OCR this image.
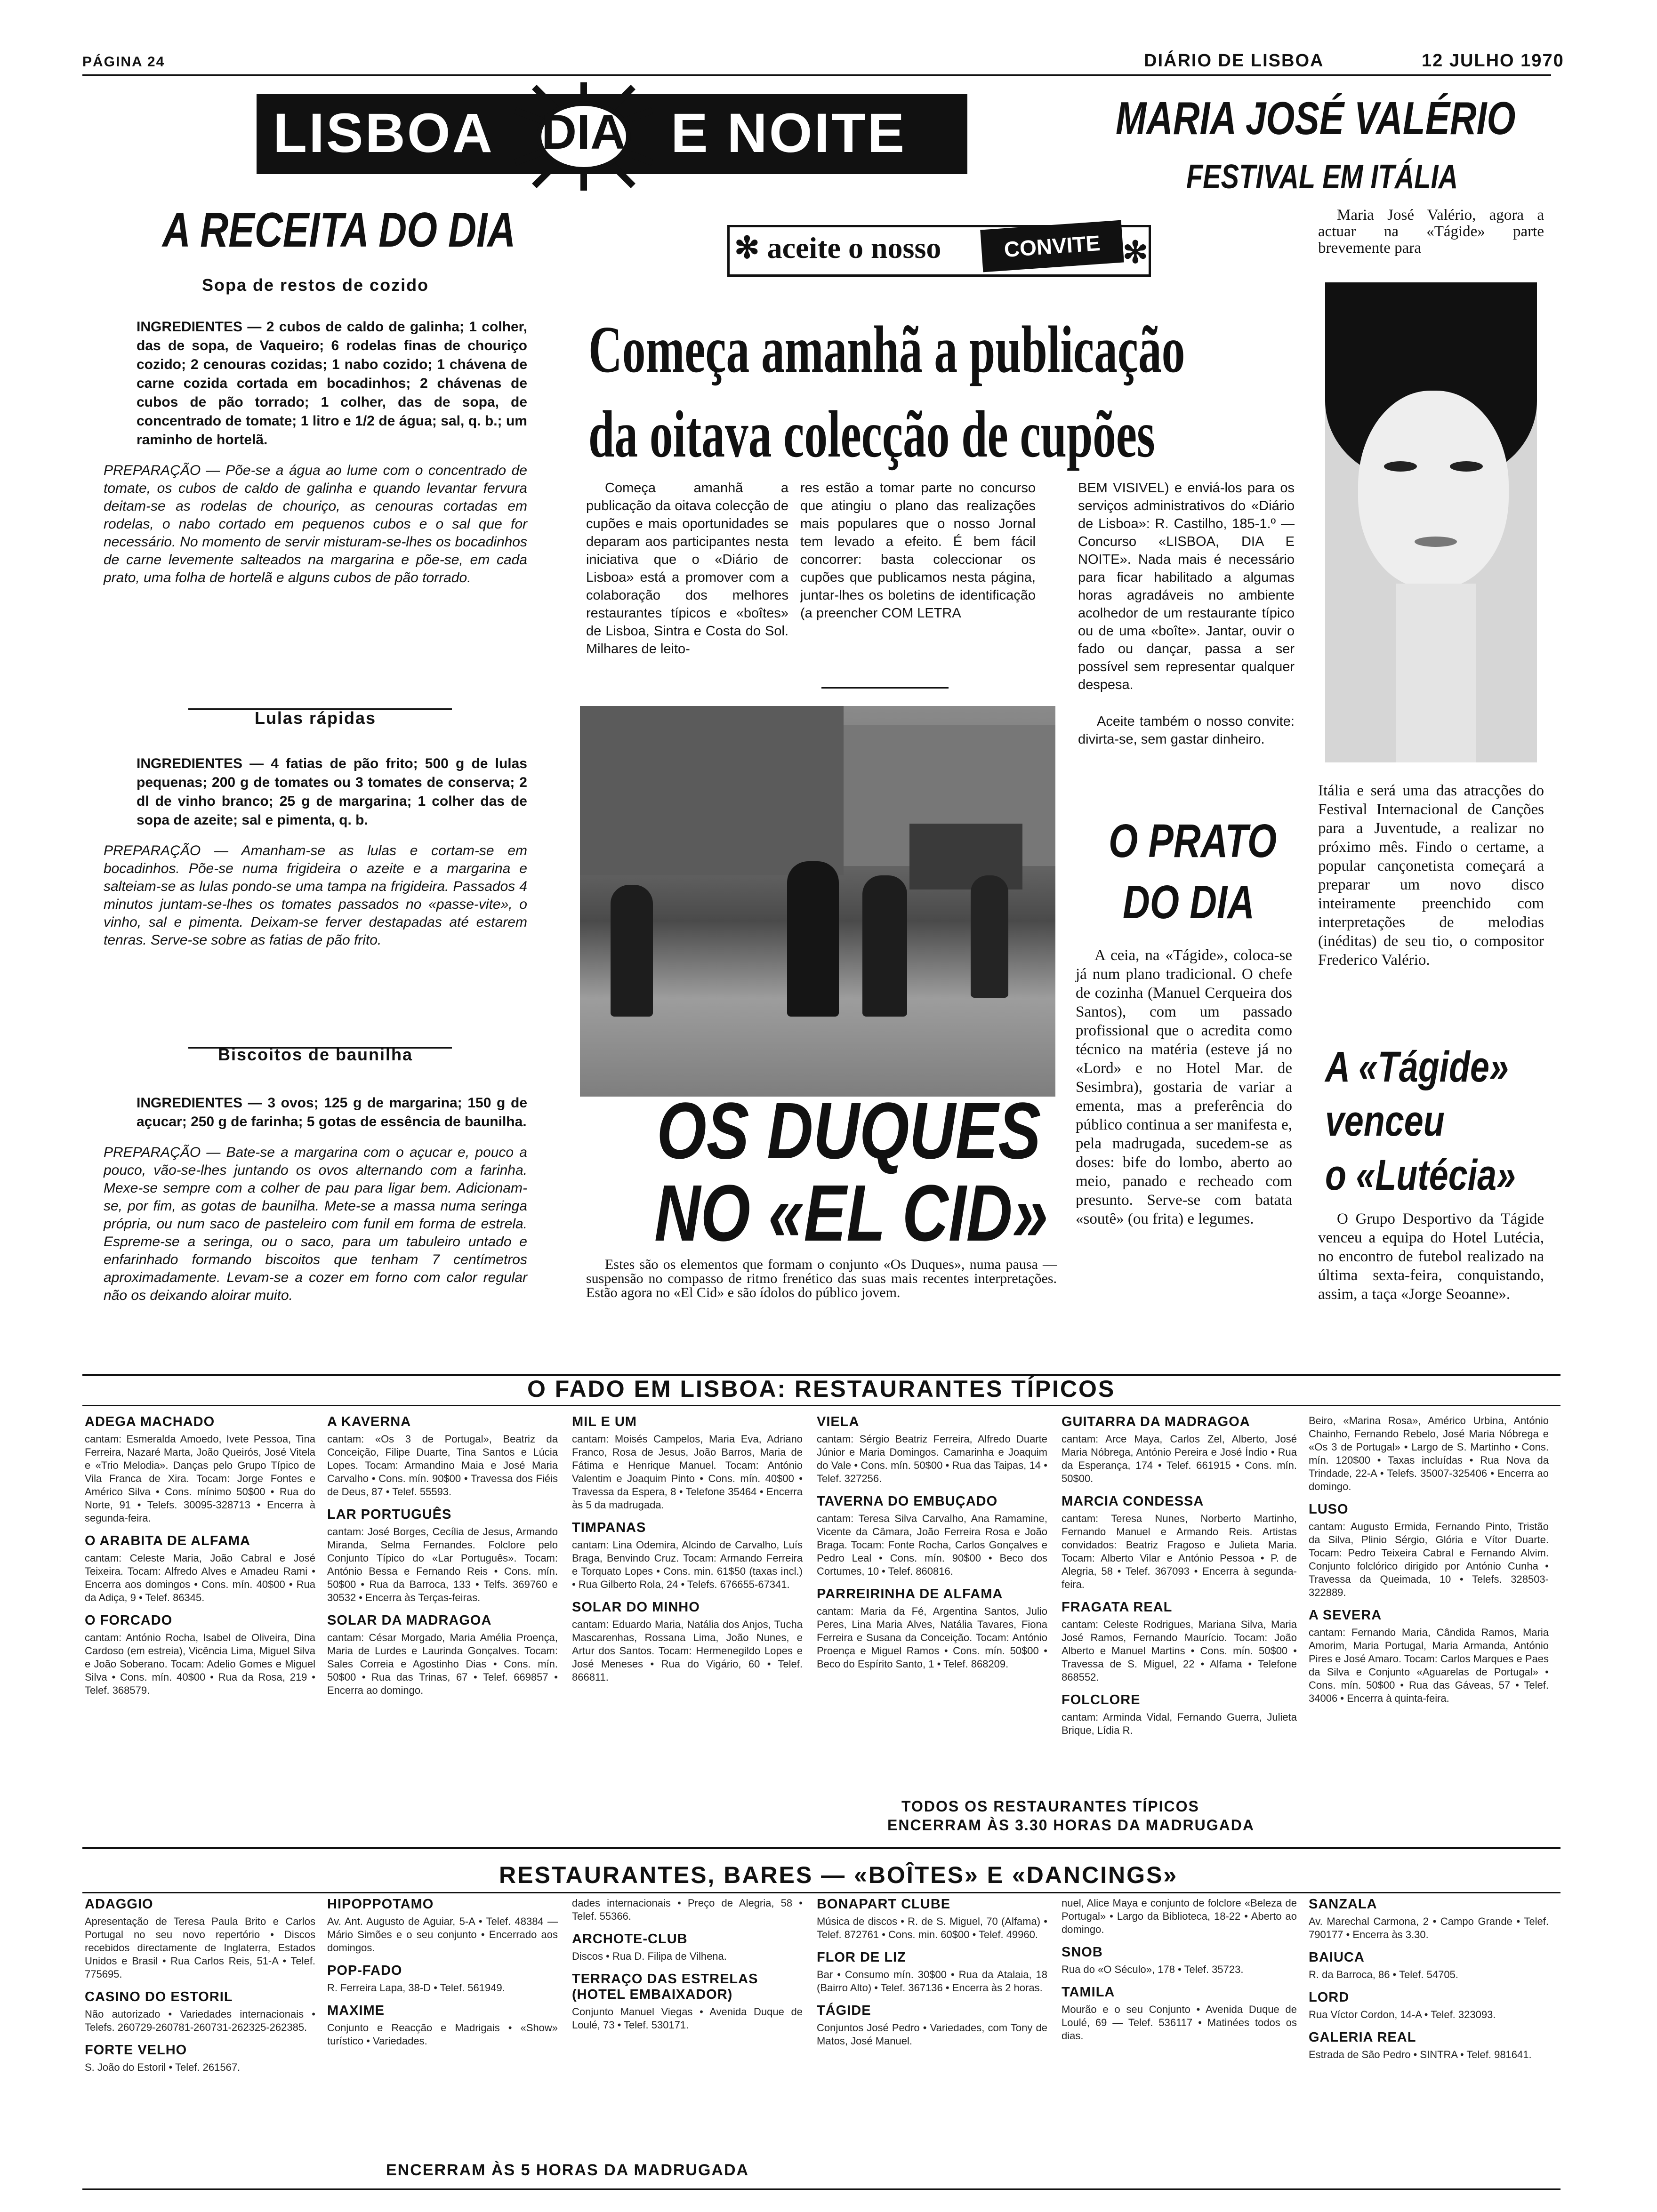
PÁGINA 24	DIÁRIO DE LISBOA	12 JULHO 1970
LISBOA DIA E NOITE
A RECEITA DO DIA
Sopa de restos de cozido
INGREDIENTES — 2 cubos de caldo de galinha; 1 colher, das de sopa, de Vaqueiro; 6 rodelas finas de chouriço cozido; 2 cenouras cozidas; 1 nabo cozido; 1 chávena de carne cozida cortada em bocadinhos; 2 chávenas de cubos de pão torrado; 1 colher, das de sopa, de concentrado de tomate; 1 litro e 1/2 de água; sal, q. b.; um raminho de hortelã.
PREPARAÇÃO — Põe-se a água ao lume com o concentrado de tomate, os cubos de caldo de galinha e quando levantar fervura deitam-se as rodelas de chouriço, as cenouras cortadas em rodelas, o nabo cortado em pequenos cubos e o sal que for necessário. No momento de servir misturam-se-lhes os bocadinhos de carne levemente salteados na margarina e põe-se, em cada prato, uma folha de hortelã e alguns cubos de pão torrado.
Lulas rápidas
INGREDIENTES — 4 fatias de pão frito; 500 g de lulas pequenas; 200 g de tomates ou 3 tomates de conserva; 2 dl de vinho branco; 25 g de margarina; 1 colher das de sopa de azeite; sal e pimenta, q. b.
PREPARAÇÃO — Amanham-se as lulas e cortam-se em bocadinhos. Põe-se numa frigideira o azeite e a margarina e salteiam-se as lulas pondo-se uma tampa na frigideira. Passados 4 minutos juntam-se-lhes os tomates passados no «passe-vite», o vinho, sal e pimenta. Deixam-se ferver destapadas até estarem tenras. Serve-se sobre as fatias de pão frito.
Biscoitos de baunilha
INGREDIENTES — 3 ovos; 125 g de margarina; 150 g de açucar; 250 g de farinha; 5 gotas de essência de baunilha.
PREPARAÇÃO — Bate-se a margarina com o açucar e, pouco a pouco, vão-se-lhes juntando os ovos alternando com a farinha. Mexe-se sempre com a colher de pau para ligar bem. Adicionam-se, por fim, as gotas de baunilha. Mete-se a massa numa seringa própria, ou num saco de pasteleiro com funil em forma de estrela. Espreme-se a seringa, ou o saco, para um tabuleiro untado e enfarinhado formando biscoitos que tenham 7 centímetros aproximadamente. Levam-se a cozer em forno com calor regular não os deixando aloirar muito.
✻ aceite o nosso	CONVITE ✻
Começa amanhã a publicação
da oitava colecção de cupões
Começa amanhã a publicação da oitava colecção de cupões e mais oportunidades se deparam aos participantes nesta iniciativa que o «Diário de Lisboa» está a promover com a colaboração dos melhores restaurantes típicos e «boîtes» de Lisboa, Sintra e Costa do Sol. Milhares de leito-
res estão a tomar parte no concurso que atingiu o plano das realizações mais populares que o nosso Jornal tem levado a efeito. É bem fácil concorrer: basta coleccionar os cupões que publicamos nesta página, juntar-lhes os boletins de identificação (a preencher COM LETRA
BEM VISIVEL) e enviá-los para os serviços administrativos do «Diário de Lisboa»: R. Castilho, 185-1.º — Concurso «LISBOA, DIA E NOITE». Nada mais é necessário para ficar habilitado a algumas horas agradáveis no ambiente acolhedor de um restaurante típico ou de uma «boîte». Jantar, ouvir o fado ou dançar, passa a ser possível sem representar qualquer despesa.
Aceite também o nosso convite: divirta-se, sem gastar dinheiro.
OS DUQUES
NO «EL CID»
Estes são os elementos que formam o conjunto «Os Duques», numa pausa — suspensão no compasso de ritmo frenético das suas mais recentes interpretações. Estão agora no «El Cid» e são ídolos do público jovem.
O PRATO
DO DIA
A ceia, na «Tágide», coloca-se já num plano tradicional. O chefe de cozinha (Manuel Cerqueira dos Santos), com um passado profissional que o acredita como técnico na matéria (esteve já no «Lord» e no Hotel Mar. de Sesimbra), gostaria de variar a ementa, mas a preferência do público continua a ser manifesta e, pela madrugada, sucedem-se as doses: bife do lombo, aberto ao meio, panado e recheado com presunto. Serve-se com batata «soutê» (ou frita) e legumes.
MARIA JOSÉ VALÉRIO
FESTIVAL EM ITÁLIA
Maria José Valério, agora a actuar na «Tágide» parte brevemente para
Itália e será uma das atracções do Festival Internacional de Canções para a Juventude, a realizar no próximo mês. Findo o certame, a popular cançonetista começará a preparar um novo disco inteiramente preenchido com interpretações de melodias (inéditas) de seu tio, o compositor Frederico Valério.
A «Tágide»
venceu
o «Lutécia»
O Grupo Desportivo da Tágide venceu a equipa do Hotel Lutécia, no encontro de futebol realizado na última sexta-feira, conquistando, assim, a taça «Jorge Seoanne».
O FADO EM LISBOA: RESTAURANTES TÍPICOS
ADEGA MACHADO
cantam: Esmeralda Amoedo, Ivete Pessoa, Tina Ferreira, Nazaré Marta, João Queirós, José Vitela e «Trio Melodia». Danças pelo Grupo Típico de Vila Franca de Xira. Tocam: Jorge Fontes e Américo Silva • Cons. mínimo 50$00 • Rua do Norte, 91 • Telefs. 30095-328713 • Encerra à segunda-feira.
O ARABITA DE ALFAMA
cantam: Celeste Maria, João Cabral e José Teixeira. Tocam: Alfredo Alves e Amadeu Rami • Encerra aos domingos • Cons. mín. 40$00 • Rua da Adiça, 9 • Telef. 86345.
O FORCADO
cantam: António Rocha, Isabel de Oliveira, Dina Cardoso (em estreia), Vicência Lima, Miguel Silva e João Soberano. Tocam: Adelio Gomes e Miguel Silva • Cons. mín. 40$00 • Rua da Rosa, 219 • Telef. 368579.
A KAVERNA
cantam: «Os 3 de Portugal», Beatriz da Conceição, Filipe Duarte, Tina Santos e Lúcia Lopes. Tocam: Armandino Maia e José Maria Carvalho • Cons. mín. 90$00 • Travessa dos Fiéis de Deus, 87 • Telef. 55593.
LAR PORTUGUÊS
cantam: José Borges, Cecília de Jesus, Armando Miranda, Selma Fernandes. Folclore pelo Conjunto Típico do «Lar Português». Tocam: António Bessa e Fernando Reis • Cons. mín. 50$00 • Rua da Barroca, 133 • Telfs. 369760 e 30532 • Encerra às Terças-feiras.
SOLAR DA MADRAGOA
cantam: César Morgado, Maria Amélia Proença, Maria de Lurdes e Laurinda Gonçalves. Tocam: Sales Correia e Agostinho Dias • Cons. mín. 50$00 • Rua das Trinas, 67 • Telef. 669857 • Encerra ao domingo.
MIL E UM
cantam: Moisés Campelos, Maria Eva, Adriano Franco, Rosa de Jesus, João Barros, Maria de Fátima e Henrique Manuel. Tocam: António Valentim e Joaquim Pinto • Cons. mín. 40$00 • Travessa da Espera, 8 • Telefone 35464 • Encerra às 5 da madrugada.
TIMPANAS
cantam: Lina Odemira, Alcindo de Carvalho, Luís Braga, Benvindo Cruz. Tocam: Armando Ferreira e Torquato Lopes • Cons. min. 61$50 (taxas incl.) • Rua Gilberto Rola, 24 • Telefs. 676655-67341.
SOLAR DO MINHO
cantam: Eduardo Maria, Natália dos Anjos, Tucha Mascarenhas, Rossana Lima, João Nunes, e Artur dos Santos. Tocam: Hermenegildo Lopes e José Meneses • Rua do Vigário, 60 • Telef. 866811.
VIELA
cantam: Sérgio Beatriz Ferreira, Alfredo Duarte Júnior e Maria Domingos. Camarinha e Joaquim do Vale • Cons. mín. 50$00 • Rua das Taipas, 14 • Telef. 327256.
TAVERNA DO EMBUÇADO
cantam: Teresa Silva Carvalho, Ana Ramamine, Vicente da Câmara, João Ferreira Rosa e João Braga. Tocam: Fonte Rocha, Carlos Gonçalves e Pedro Leal • Cons. mín. 90$00 • Beco dos Cortumes, 10 • Telef. 860816.
PARREIRINHA DE ALFAMA
cantam: Maria da Fé, Argentina Santos, Julio Peres, Lina Maria Alves, Natália Tavares, Fiona Ferreira e Susana da Conceição. Tocam: António Proença e Miguel Ramos • Cons. mín. 50$00 • Beco do Espírito Santo, 1 • Telef. 868209.
GUITARRA DA MADRAGOA
cantam: Arce Maya, Carlos Zel, Alberto, José Maria Nóbrega, António Pereira e José Índio • Rua da Esperança, 174 • Telef. 661915 • Cons. mín. 50$00.
MARCIA CONDESSA
cantam: Teresa Nunes, Norberto Martinho, Fernando Manuel e Armando Reis. Artistas convidados: Beatriz Fragoso e Julieta Maria. Tocam: Alberto Vilar e António Pessoa • P. de Alegria, 58 • Telef. 367093 • Encerra à segunda-feira.
FRAGATA REAL
cantam: Celeste Rodrigues, Mariana Silva, Maria José Ramos, Fernando Maurício. Tocam: João Alberto e Manuel Martins • Cons. mín. 50$00 • Travessa de S. Miguel, 22 • Alfama • Telefone 868552.
FOLCLORE
cantam: Arminda Vidal, Fernando Guerra, Julieta Brique, Lídia R.
Beiro, «Marina Rosa», Américo Urbina, António Chainho, Fernando Rebelo, José Maria Nóbrega e «Os 3 de Portugal» • Largo de S. Martinho • Cons. mín. 120$00 • Taxas incluídas • Rua Nova da Trindade, 22-A • Telefs. 35007-325406 • Encerra ao domingo.
LUSO
cantam: Augusto Ermida, Fernando Pinto, Tristão da Silva, Plinio Sérgio, Glória e Vítor Duarte. Tocam: Pedro Teixeira Cabral e Fernando Alvim. Conjunto folclórico dirigido por António Cunha • Travessa da Queimada, 10 • Telefs. 328503-322889.
A SEVERA
cantam: Fernando Maria, Cândida Ramos, Maria Amorim, Maria Portugal, Maria Armanda, António Pires e José Amaro. Tocam: Carlos Marques e Paes da Silva e Conjunto «Aguarelas de Portugal» • Cons. mín. 50$00 • Rua das Gáveas, 57 • Telef. 34006 • Encerra à quinta-feira.
TODOS OS RESTAURANTES TÍPICOS
ENCERRAM ÀS 3.30 HORAS DA MADRUGADA
RESTAURANTES, BARES — «BOÎTES» E «DANCINGS»
ADAGGIO
Apresentação de Teresa Paula Brito e Carlos Portugal no seu novo repertório • Discos recebidos directamente de Inglaterra, Estados Unidos e Brasil • Rua Carlos Reis, 51-A • Telef. 775695.
CASINO DO ESTORIL
Não autorizado • Variedades internacionais • Telefs. 260729-260781-260731-262325-262385.
FORTE VELHO
S. João do Estoril • Telef. 261567.
HIPOPPOTAMO
Av. Ant. Augusto de Aguiar, 5-A • Telef. 48384 — Mário Simões e o seu conjunto • Encerrado aos domingos.
POP-FADO
R. Ferreira Lapa, 38-D • Telef. 561949.
MAXIME
Conjunto e Reacção e Madrigais • «Show» turístico • Variedades.
dades internacionais • Preço de Alegria, 58 • Telef. 55366.
ARCHOTE-CLUB
Discos • Rua D. Filipa de Vilhena.
TERRAÇO DAS ESTRELAS (HOTEL EMBAIXADOR)
Conjunto Manuel Viegas • Avenida Duque de Loulé, 73 • Telef. 530171.
BONAPART CLUBE
Música de discos • R. de S. Miguel, 70 (Alfama) • Telef. 872761 • Cons. min. 60$00 • Telef. 49960.
FLOR DE LIZ
Bar • Consumo mín. 30$00 • Rua da Atalaia, 18 (Bairro Alto) • Telef. 367136 • Encerra às 2 horas.
TÁGIDE
Conjuntos José Pedro • Variedades, com Tony de Matos, José Manuel.
nuel, Alice Maya e conjunto de folclore «Beleza de Portugal» • Largo da Biblioteca, 18-22 • Aberto ao domingo.
SNOB
Rua do «O Século», 178 • Telef. 35723.
TAMILA
Mourão e o seu Conjunto • Avenida Duque de Loulé, 69 — Telef. 536117 • Matinées todos os dias.
SANZALA
Av. Marechal Carmona, 2 • Campo Grande • Telef. 790177 • Encerra às 3.30.
BAIUCA
R. da Barroca, 86 • Telef. 54705.
LORD
Rua Víctor Cordon, 14-A • Telef. 323093.
GALERIA REAL
Estrada de São Pedro • SINTRA • Telef. 981641.
ENCERRAM ÀS 5 HORAS DA MADRUGADA
